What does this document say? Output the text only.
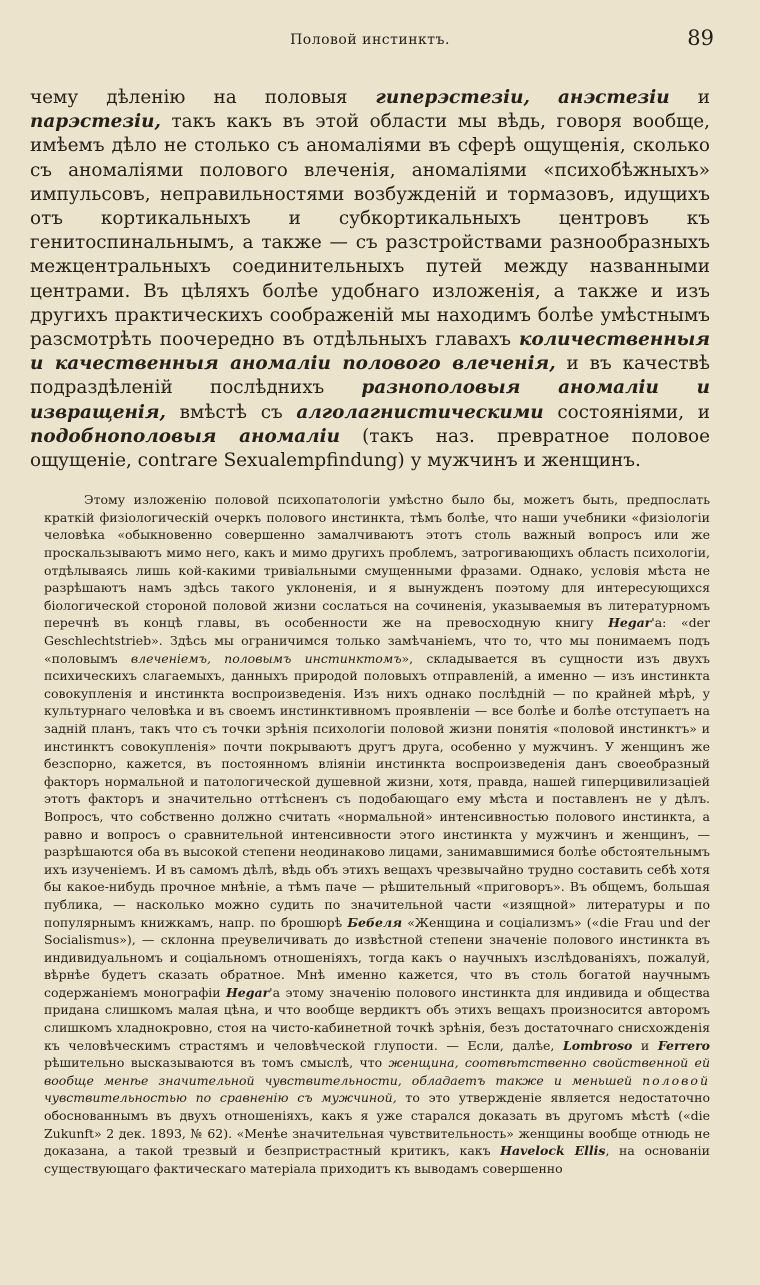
Половой инстинктъ.	89

чему дѣленію на половыя гиперэстезіи, анэстезіи и парэстезіи, такъ какъ въ этой области мы вѣдь, говоря вообще, имѣемъ дѣло не столько съ аномаліями въ сферѣ ощущенія, сколько съ аномаліями полового влеченія, аномаліями «психобѣжныхъ» импульсовъ, неправильностями возбужденій и тормазовъ, идущихъ отъ кортикальныхъ и субкортикальныхъ центровъ къ генитоспинальнымъ, а также — съ разстройствами разнообразныхъ межцентральныхъ соединительныхъ путей между названными центрами. Въ цѣляхъ болѣе удобнаго изложенія, а также и изъ другихъ практическихъ соображеній мы находимъ болѣе умѣстнымъ разсмотрѣть поочередно въ отдѣльныхъ главахъ количественныя и качественныя аномаліи полового влеченія, и въ качествѣ подраздѣленій послѣднихъ разнополовыя аномаліи и извращенія, вмѣстѣ съ алголагнистическими состояніями, и подобнополовыя аномаліи (такъ наз. превратное половое ощущеніе, contrare Sexualempfindung) у мужчинъ и женщинъ.

Этому изложенію половой психопатологіи умѣстно было бы, можетъ быть, предпослать краткій физіологическій очеркъ полового инстинкта, тѣмъ болѣе, что наши учебники «физіологіи человѣка «обыкновенно совершенно замалчиваютъ этотъ столь важный вопросъ или же проскальзываютъ мимо него, какъ и мимо другихъ проблемъ, затрогивающихъ область психологіи, отдѣлываясь лишь кой-какими тривіальными смущенными фразами. Однако, условія мѣста не разрѣшаютъ намъ здѣсь такого уклоненія, и я вынужденъ поэтому для интересующихся біологической стороной половой жизни сослаться на сочиненія, указываемыя въ литературномъ перечнѣ въ концѣ главы, въ особенности же на превосходную книгу Hegar'а: «der Geschlechtstrieb». Здѣсь мы ограничимся только замѣчаніемъ, что то, что мы понимаемъ подъ «половымъ влеченіемъ, половымъ инстинктомъ», складывается въ сущности изъ двухъ психическихъ слагаемыхъ, данныхъ природой половыхъ отправленій, а именно — изъ инстинкта совокупленія и инстинкта воспроизведенія. Изъ нихъ однако послѣдній — по крайней мѣрѣ, у культурнаго человѣка и въ своемъ инстинктивномъ проявленіи — все болѣе и болѣе отступаетъ на задній планъ, такъ что съ точки зрѣнія психологіи половой жизни понятія «половой инстинктъ» и инстинктъ совокупленія» почти покрываютъ другъ друга, особенно у мужчинъ. У женщинъ же безспорно, кажется, въ постоянномъ вліяніи инстинкта воспроизведенія данъ своеобразный факторъ нормальной и патологической душевной жизни, хотя, правда, нашей гиперцивилизаціей этотъ факторъ и значительно оттѣсненъ съ подобающаго ему мѣста и поставленъ не у дѣлъ. Вопросъ, что собственно должно считать «нормальной» интенсивностью полового инстинкта, а равно и вопросъ о сравнительной интенсивности этого инстинкта у мужчинъ и женщинъ, — разрѣшаются оба въ высокой степени неодинаково лицами, занимавшимися болѣе обстоятельнымъ ихъ изученіемъ. И въ самомъ дѣлѣ, вѣдь объ этихъ вещахъ чрезвычайно трудно составить себѣ хотя бы какое-нибудь прочное мнѣніе, а тѣмъ паче — рѣшительный «приговоръ». Въ общемъ, большая публика, — насколько можно судить по значительной части «изящной» литературы и по популярнымъ книжкамъ, напр. по брошюрѣ Бебеля «Женщина и соціализмъ» («die Frau und der Socialismus»), — склонна преувеличивать до извѣстной степени значеніе полового инстинкта въ индивидуальномъ и соціальномъ отношеніяхъ, тогда какъ о научныхъ изслѣдованіяхъ, пожалуй, вѣрнѣе будетъ сказать обратное. Мнѣ именно кажется, что въ столь богатой научнымъ содержаніемъ монографіи Hegar'а этому значенію полового инстинкта для индивида и общества придана слишкомъ малая цѣна, и что вообще вердиктъ объ этихъ вещахъ произносится авторомъ слишкомъ хладнокровно, стоя на чисто-кабинетной точкѣ зрѣнія, безъ достаточнаго снисхожденія къ человѣческимъ страстямъ и человѣческой глупости. — Если, далѣе, Lombroso и Ferrero рѣшительно высказываются въ томъ смыслѣ, что женщина, соотвѣтственно свойственной ей вообще менѣе значительной чувствительности, обладаетъ также и меньшей половой чувствительностью по сравненію съ мужчиной, то это утвержденіе является недостаточно обоснованнымъ въ двухъ отношеніяхъ, какъ я уже старался доказать въ другомъ мѣстѣ («die Zukunft» 2 дек. 1893, № 62). «Менѣе значительная чувствительность» женщины вообще отнюдь не доказана, а такой трезвый и безпристрастный критикъ, какъ Havelock Ellis, на основаніи существующаго фактическаго матеріала приходитъ къ выводамъ совершенно
